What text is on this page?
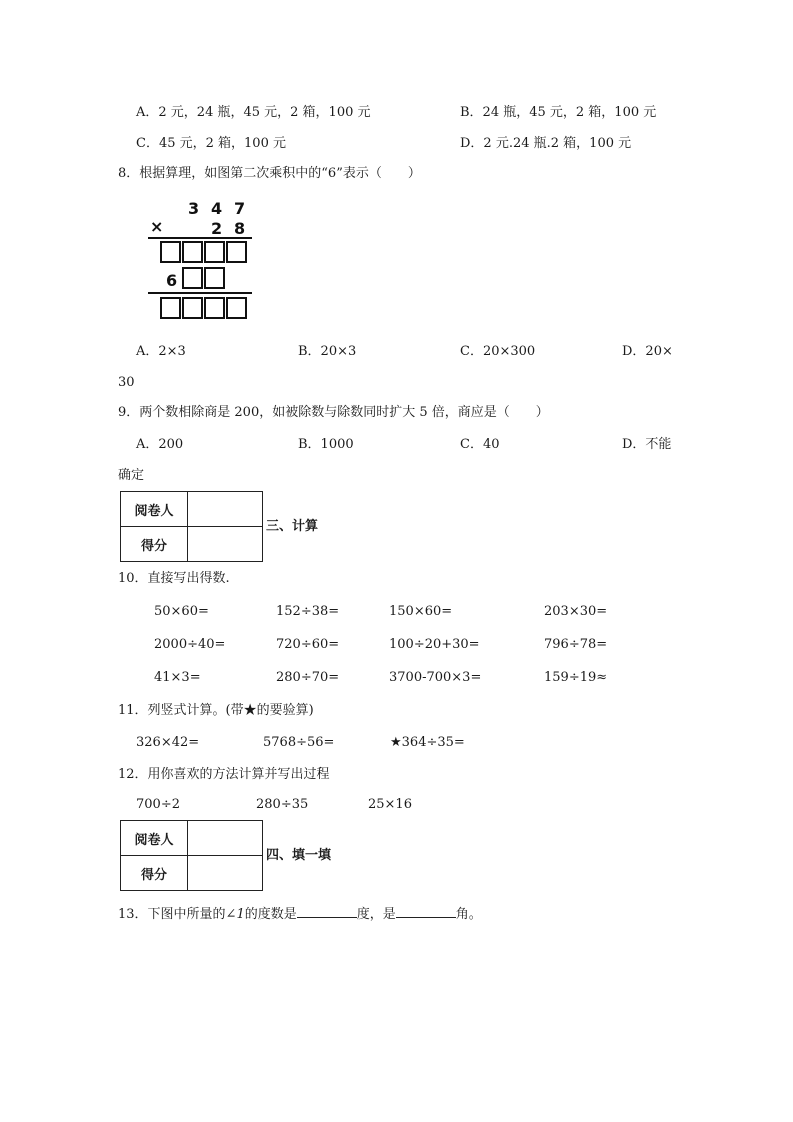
A．2 元，24 瓶，45 元，2 箱，100 元	B．24 瓶，45 元，2 箱，100 元
C．45 元，2 箱，100 元	D．2 元.24 瓶.2 箱，100 元
8．根据算理，如图第二次乘积中的“6”表示（　　）
3 4 7
×	2 8
6
A．2×3	B．20×3	C．20×300	D．20×
30
9．两个数相除商是 200，如被除数与除数同时扩大 5 倍，商应是（　　）
A．200	B．1000	C．40	D．不能
确定
阅卷人	
得分	
三、计算
10．直接写出得数.
50×60=	152÷38=	150×60=	203×30=
2000÷40=	720÷60=	100÷20+30=	796÷78=
41×3=	280÷70=	3700-700×3=	159÷19≈
11．列竖式计算。(带★的要验算)
326×42=	5768÷56=	★364÷35=
12．用你喜欢的方法计算并写出过程
700÷2	280÷35	25×16
阅卷人	
得分	
四、填一填
13．下图中所量的∠1的度数是	度，是	角。
